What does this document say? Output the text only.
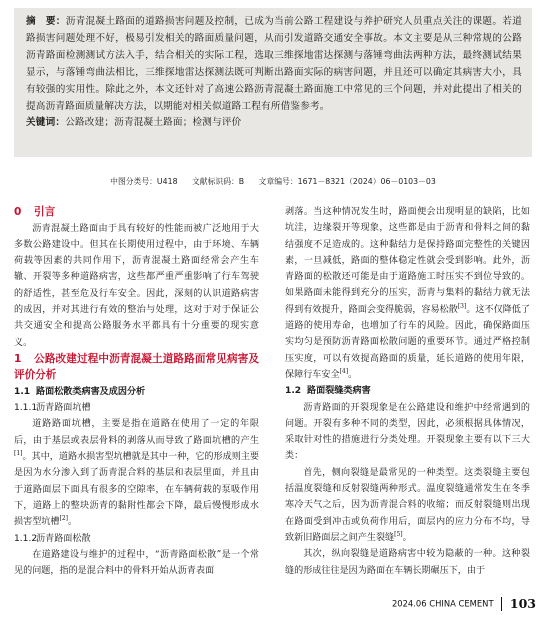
摘　要：沥青混凝土路面的道路损害问题及控制，已成为当前公路工程建设与养护研究人员重点关注的课题。若道路损害问题处理不好，极易引发相关的路面质量问题，从而引发道路交通安全事故。本文主要是从三种常规的公路沥青路面检测测试方法入手，结合相关的实际工程，选取三维探地雷达探测与落锤弯曲法两种方法，最终测试结果显示，与落锤弯曲法相比，三维探地雷达探测法既可判断出路面实际的病害问题，并且还可以确定其病害大小，具有较强的实用性。除此之外，本文还针对了高速公路沥青混凝土路面施工中常见的三个问题，并对此提出了相关的提高沥青路面质量解决方法，以期能对相关似道路工程有所借鉴参考。

关键词：公路改建；沥青混凝土路面；检测与评价

中图分类号：U418 文献标识码：B 文章编号：1671－8321（2024）06－0103－03
0 引言

沥青混凝土路面由于具有较好的性能而被广泛地用于大多数公路建设中。但其在长期使用过程中，由于环境、车辆荷载等因素的共同作用下，沥青混凝土路面经常会产生车辙、开裂等多种道路病害，这些都严重严重影响了行车驾驶的舒适性，甚至危及行车安全。因此，深刻的认识道路病害的成因，并对其进行有效的整治与处理，这对于对于保证公共交通安全和提高公路服务水平都具有十分重要的现实意义。

1 公路改建过程中沥青混凝土道路路面常见病害及评价分析
1.1 路面松散类病害及成因分析
1.1.1沥青路面坑槽

道路路面坑槽，主要是指在道路在使用了一定的年限后，由于基层或表层骨料的剥落从而导致了路面坑槽的产生[1]。其中，道路水损害型坑槽就是其中一种，它的形成则主要是因为水分渗入到了沥青混合料的基层和表层里面，并且由于道路面层下面具有很多的空隙率，在车辆荷载的泵吸作用下，道路上的整块沥青的黏附性都会下降，最后慢慢形成水损害型坑槽[2]。

1.1.2沥青路面松散

在道路建设与维护的过程中，“沥青路面松散”是一个常见的问题，指的是混合料中的骨料开始从沥青表面

剥落。当这种情况发生时，路面便会出现明显的缺陷，比如坑洼，边缘裂开等现象，这些都是由于沥青和骨料之间的黏结强度不足造成的。这种黏结力是保持路面完整性的关键因素，一旦减低，路面的整体稳定性就会受到影响。此外，沥青路面的松散还可能是由于道路施工时压实不到位导致的。如果路面未能得到充分的压实，沥青与集料的黏结力就无法得到有效提升，路面会变得脆弱，容易松散[3]。这不仅降低了道路的使用寿命，也增加了行车的风险。因此，确保路面压实均匀是预防沥青路面松散问题的重要环节。通过严格控制压实度，可以有效提高路面的质量，延长道路的使用年限，保障行车安全[4]。

1.2 路面裂缝类病害

沥青路面的开裂现象是在公路建设和维护中经常遇到的问题。开裂有多种不同的类型，因此，必须根据具体情况，采取针对性的措施进行分类处理。开裂现象主要有以下三大类：

首先，侧向裂缝是最常见的一种类型。这类裂缝主要包括温度裂缝和反射裂缝两种形式。温度裂缝通常发生在冬季寒冷天气之后，因为沥青混合料的收缩；而反射裂缝则出现在路面受到冲击或负荷作用后，面层内的应力分布不均，导致新旧路面层之间产生裂缝[5]。

其次，纵向裂缝是道路病害中较为隐蔽的一种。这种裂缝的形成往往是因为路面在车辆长期碾压下，由于

2024.06 CHINA CEMENT 103
